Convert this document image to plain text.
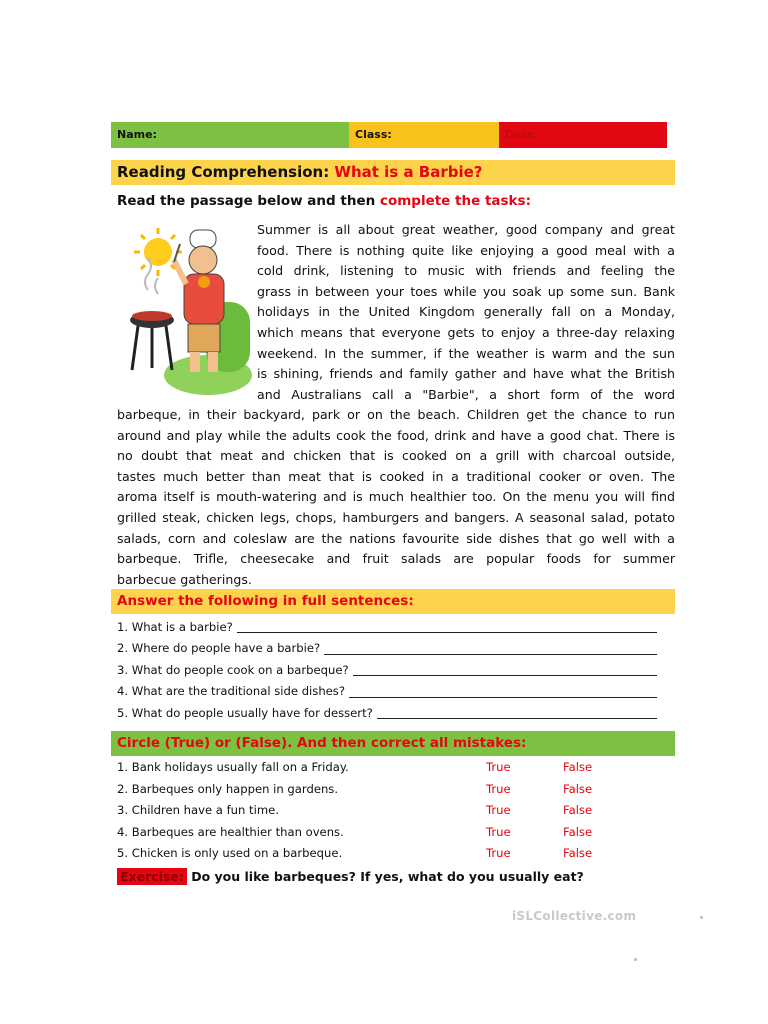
Name:	Class:	Date:
Reading Comprehension: What is a Barbie?
Read the passage below and then complete the tasks:
Summer is all about great weather, good company and great
food. There is nothing quite like enjoying a good meal with a
cold drink, listening to music with friends and feeling the
grass in between your toes while you soak up some sun. Bank
holidays in the United Kingdom generally fall on a Monday,
which means that everyone gets to enjoy a three-day relaxing
weekend. In the summer, if the weather is warm and the sun
is shining, friends and family gather and have what the British
and Australians call a "Barbie", a short form of the word
barbeque, in their backyard, park or on the beach. Children get the chance to run
around and play while the adults cook the food, drink and have a good chat. There is
no doubt that meat and chicken that is cooked on a grill with charcoal outside,
tastes much better than meat that is cooked in a traditional cooker or oven. The
aroma itself is mouth-watering and is much healthier too. On the menu you will find
grilled steak, chicken legs, chops, hamburgers and bangers. A seasonal salad, potato
salads, corn and coleslaw are the nations favourite side dishes that go well with a
barbeque. Trifle, cheesecake and fruit salads are popular foods for summer
barbecue gatherings.
Answer the following in full sentences:
1. What is a barbie?
2. Where do people have a barbie?
3. What do people cook on a barbeque?
4. What are the traditional side dishes?
5. What do people usually have for dessert?
Circle (True) or (False). And then correct all mistakes:
1. Bank holidays usually fall on a Friday.	True	False
2. Barbeques only happen in gardens.	True	False
3. Children have a fun time.	True	False
4. Barbeques are healthier than ovens.	True	False
5. Chicken is only used on a barbeque.	True	False
Exercise: Do you like barbeques? If yes, what do you usually eat?
iSLCollective.com
